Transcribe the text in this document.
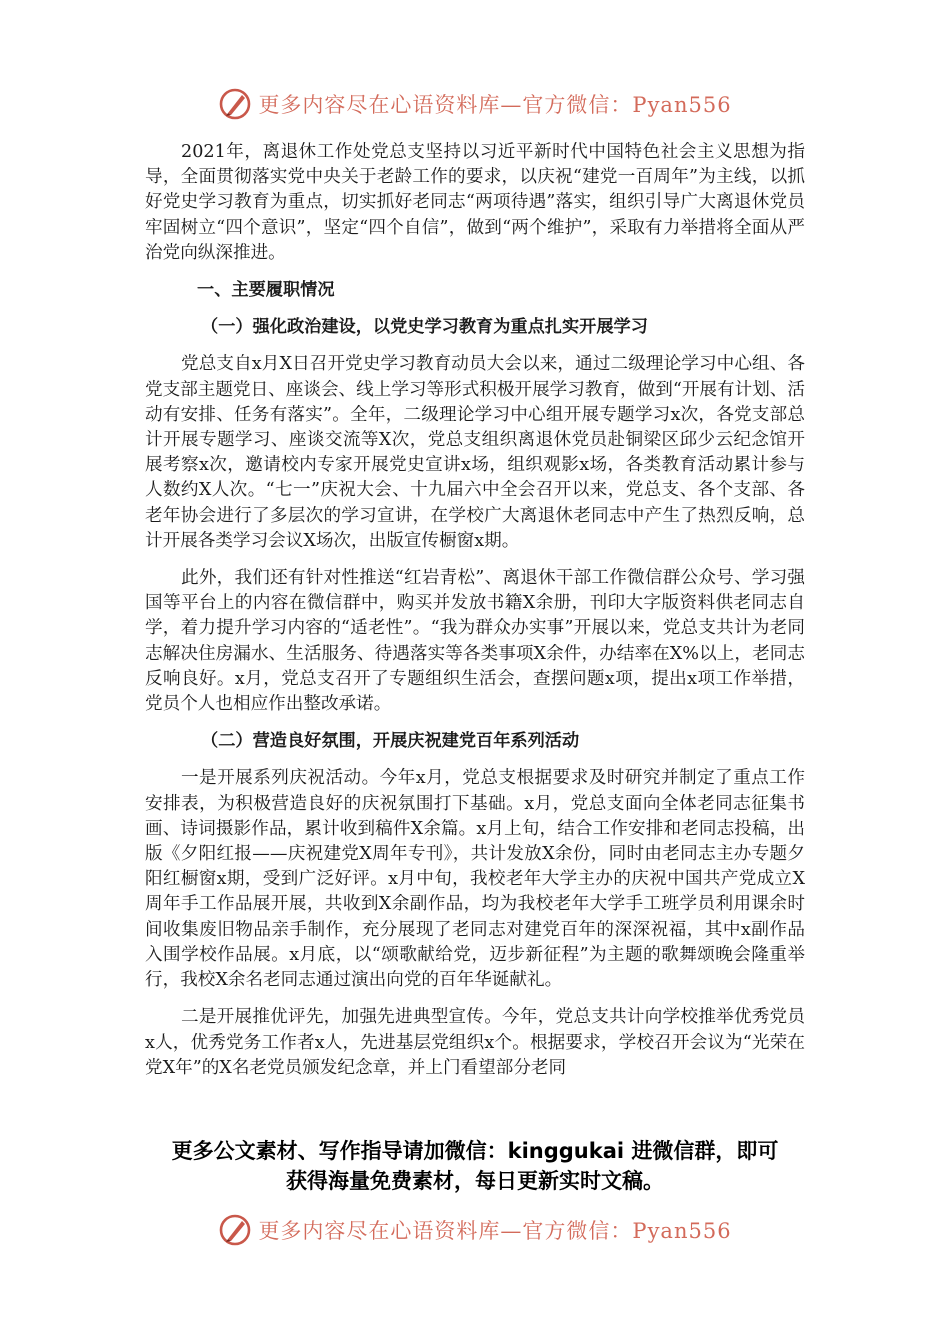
更多内容尽在心语资料库—官方微信：Pyan556

2021年，离退休工作处党总支坚持以习近平新时代中国特色社会主义思想为指导，全面贯彻落实党中央关于老龄工作的要求，以庆祝“建党一百周年”为主线，以抓好党史学习教育为重点，切实抓好老同志“两项待遇”落实，组织引导广大离退休党员牢固树立“四个意识”，坚定“四个自信”，做到“两个维护”，采取有力举措将全面从严治党向纵深推进。

一、主要履职情况

（一）强化政治建设，以党史学习教育为重点扎实开展学习

党总支自x月X日召开党史学习教育动员大会以来，通过二级理论学习中心组、各党支部主题党日、座谈会、线上学习等形式积极开展学习教育，做到“开展有计划、活动有安排、任务有落实”。全年，二级理论学习中心组开展专题学习x次，各党支部总计开展专题学习、座谈交流等X次，党总支组织离退休党员赴铜梁区邱少云纪念馆开展考察x次，邀请校内专家开展党史宣讲x场，组织观影x场，各类教育活动累计参与人数约X人次。“七一”庆祝大会、十九届六中全会召开以来，党总支、各个支部、各老年协会进行了多层次的学习宣讲，在学校广大离退休老同志中产生了热烈反响，总计开展各类学习会议X场次，出版宣传橱窗x期。

此外，我们还有针对性推送“红岩青松”、离退休干部工作微信群公众号、学习强国等平台上的内容在微信群中，购买并发放书籍X余册，刊印大字版资料供老同志自学，着力提升学习内容的“适老性”。“我为群众办实事”开展以来，党总支共计为老同志解决住房漏水、生活服务、待遇落实等各类事项X余件，办结率在X%以上，老同志反响良好。x月，党总支召开了专题组织生活会，查摆问题x项，提出x项工作举措，党员个人也相应作出整改承诺。

（二）营造良好氛围，开展庆祝建党百年系列活动

一是开展系列庆祝活动。今年x月，党总支根据要求及时研究并制定了重点工作安排表，为积极营造良好的庆祝氛围打下基础。x月，党总支面向全体老同志征集书画、诗词摄影作品，累计收到稿件X余篇。x月上旬，结合工作安排和老同志投稿，出版《夕阳红报——庆祝建党X周年专刊》，共计发放X余份，同时由老同志主办专题夕阳红橱窗x期，受到广泛好评。x月中旬，我校老年大学主办的庆祝中国共产党成立X周年手工作品展开展，共收到X余副作品，均为我校老年大学手工班学员利用课余时间收集废旧物品亲手制作，充分展现了老同志对建党百年的深深祝福，其中x副作品入围学校作品展。x月底，以“颂歌献给党，迈步新征程”为主题的歌舞颂晚会隆重举行，我校X余名老同志通过演出向党的百年华诞献礼。

二是开展推优评先，加强先进典型宣传。今年，党总支共计向学校推举优秀党员x人，优秀党务工作者x人，先进基层党组织x个。根据要求，学校召开会议为“光荣在党X年”的X名老党员颁发纪念章，并上门看望部分老同

更多公文素材、写作指导请加微信：kinggukai 进微信群，即可
获得海量免费素材，每日更新实时文稿。
更多内容尽在心语资料库—官方微信：Pyan556
